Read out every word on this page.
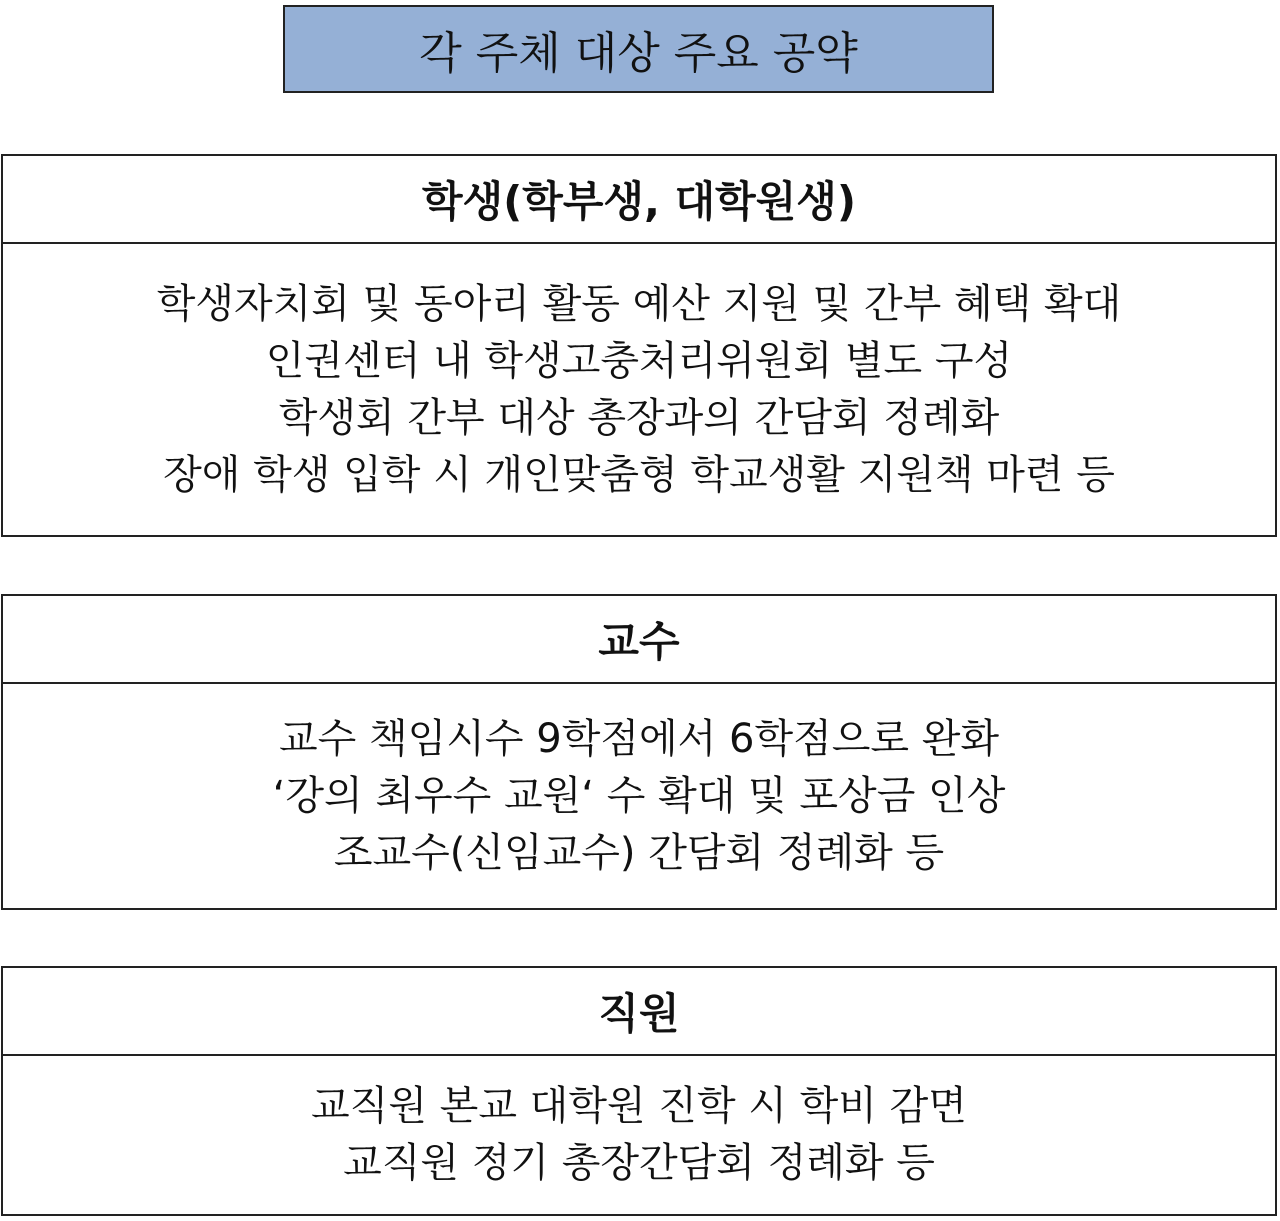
각 주체 대상 주요 공약
학생(학부생, 대학원생)
학생자치회 및 동아리 활동 예산 지원 및 간부 혜택 확대
인권센터 내 학생고충처리위원회 별도 구성
학생회 간부 대상 총장과의 간담회 정례화
장애 학생 입학 시 개인맞춤형 학교생활 지원책 마련 등
교수
교수 책임시수 9학점에서 6학점으로 완화
‘강의 최우수 교원‘ 수 확대 및 포상금 인상
조교수(신임교수) 간담회 정례화 등
직원
교직원 본교 대학원 진학 시 학비 감면
교직원 정기 총장간담회 정례화 등
